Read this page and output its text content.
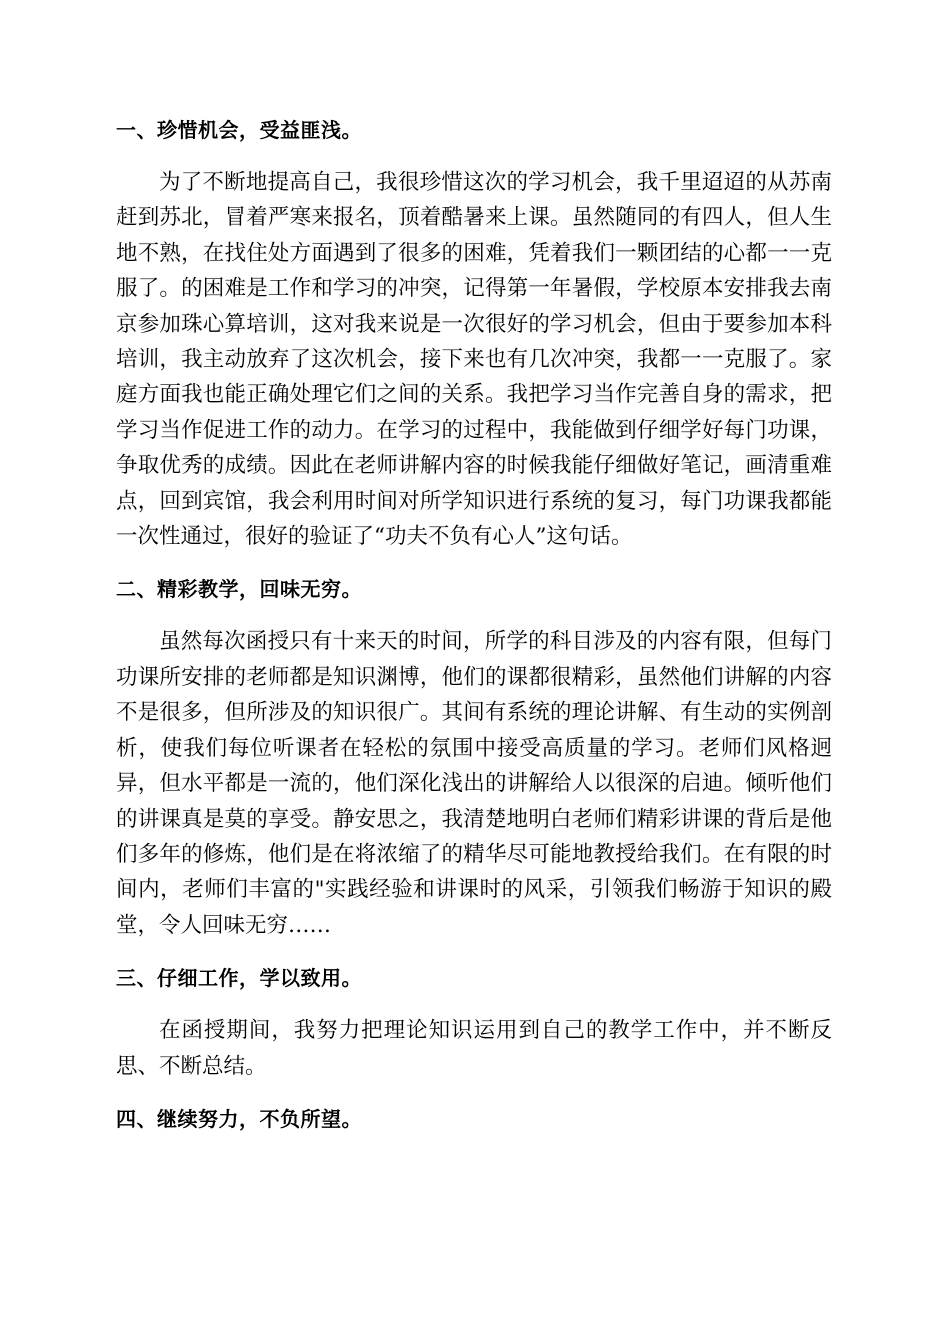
一、珍惜机会，受益匪浅。

为了不断地提高自己，我很珍惜这次的学习机会，我千里迢迢的从苏南赶到苏北，冒着严寒来报名，顶着酷暑来上课。虽然随同的有四人，但人生地不熟，在找住处方面遇到了很多的困难，凭着我们一颗团结的心都一一克服了。的困难是工作和学习的冲突，记得第一年暑假，学校原本安排我去南京参加珠心算培训，这对我来说是一次很好的学习机会，但由于要参加本科培训，我主动放弃了这次机会，接下来也有几次冲突，我都一一克服了。家庭方面我也能正确处理它们之间的关系。我把学习当作完善自身的需求，把学习当作促进工作的动力。在学习的过程中，我能做到仔细学好每门功课，争取优秀的成绩。因此在老师讲解内容的时候我能仔细做好笔记，画清重难点，回到宾馆，我会利用时间对所学知识进行系统的复习，每门功课我都能一次性通过，很好的验证了“功夫不负有心人”这句话。

二、精彩教学，回味无穷。

虽然每次函授只有十来天的时间，所学的科目涉及的内容有限，但每门功课所安排的老师都是知识渊博，他们的课都很精彩，虽然他们讲解的内容不是很多，但所涉及的知识很广。其间有系统的理论讲解、有生动的实例剖析，使我们每位听课者在轻松的氛围中接受高质量的学习。老师们风格迥异，但水平都是一流的，他们深化浅出的讲解给人以很深的启迪。倾听他们的讲课真是莫的享受。静安思之，我清楚地明白老师们精彩讲课的背后是他们多年的修炼，他们是在将浓缩了的精华尽可能地教授给我们。在有限的时间内，老师们丰富的"实践经验和讲课时的风采，引领我们畅游于知识的殿堂，令人回味无穷……

三、仔细工作，学以致用。

在函授期间，我努力把理论知识运用到自己的教学工作中，并不断反思、不断总结。

四、继续努力，不负所望。
